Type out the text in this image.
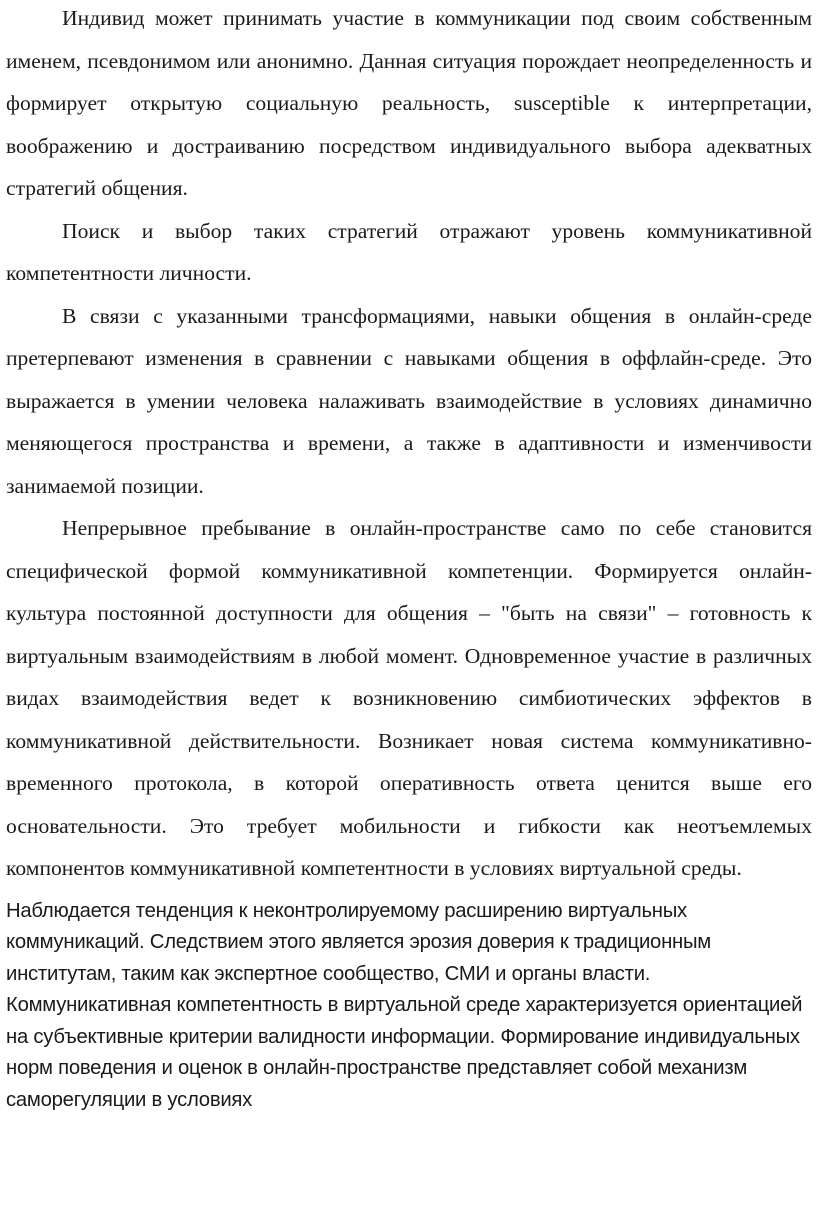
Индивид может принимать участие в коммуникации под своим собственным именем, псевдонимом или анонимно. Данная ситуация порождает неопределенность и формирует открытую социальную реальность, susceptible к интерпретации, воображению и достраиванию посредством индивидуального выбора адекватных стратегий общения.

Поиск и выбор таких стратегий отражают уровень коммуникативной компетентности личности.

В связи с указанными трансформациями, навыки общения в онлайн-среде претерпевают изменения в сравнении с навыками общения в оффлайн-среде. Это выражается в умении человека налаживать взаимодействие в условиях динамично меняющегося пространства и времени, а также в адаптивности и изменчивости занимаемой позиции.

Непрерывное пребывание в онлайн-пространстве само по себе становится специфической формой коммуникативной компетенции. Формируется онлайн-культура постоянной доступности для общения – "быть на связи" – готовность к виртуальным взаимодействиям в любой момент. Одновременное участие в различных видах взаимодействия ведет к возникновению симбиотических эффектов в коммуникативной действительности. Возникает новая система коммуникативно-временного протокола, в которой оперативность ответа ценится выше его основательности. Это требует мобильности и гибкости как неотъемлемых компонентов коммуникативной компетентности в условиях виртуальной среды.

Наблюдается тенденция к неконтролируемому расширению виртуальных коммуникаций. Следствием этого является эрозия доверия к традиционным институтам, таким как экспертное сообщество, СМИ и органы власти. Коммуникативная компетентность в виртуальной среде характеризуется ориентацией на субъективные критерии валидности информации. Формирование индивидуальных норм поведения и оценок в онлайн-пространстве представляет собой механизм саморегуляции в условиях
